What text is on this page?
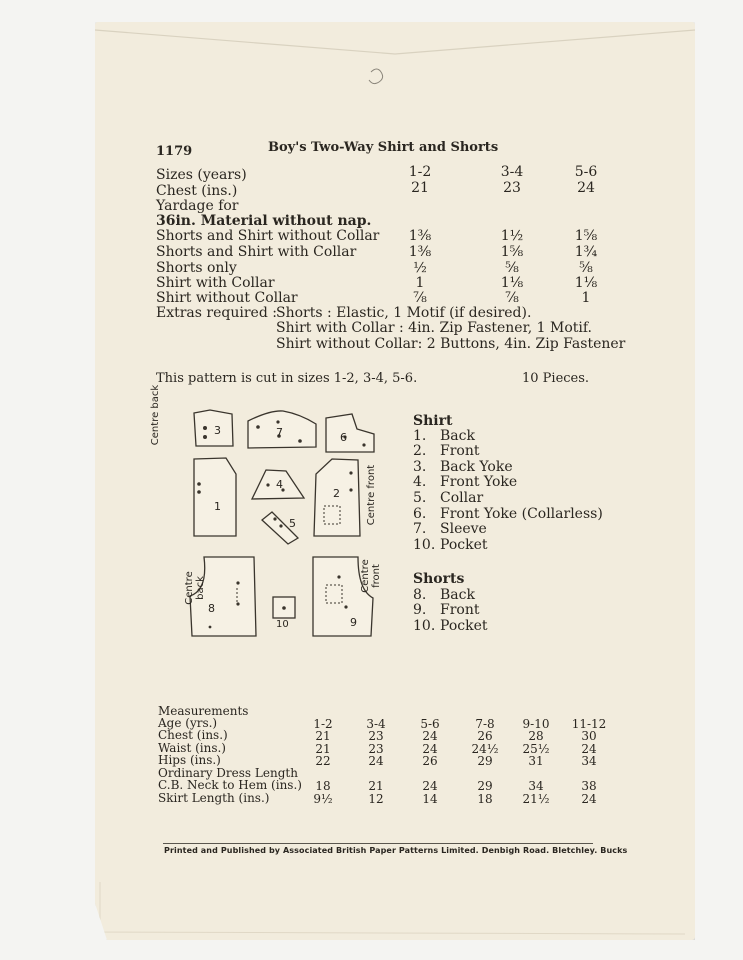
1179	Boy's Two-Way Shirt and Shorts
Sizes (years)	1-2	3-4	5-6
Chest (ins.)	21	23	24
Yardage for
36in. Material without nap.
Shorts and Shirt without Collar	1⅜	1½	1⅝
Shorts and Shirt with Collar	1⅜	1⅝	1¾
Shorts only	½	⅝	⅝
Shirt with Collar	1	1⅛	1⅛
Shirt without Collar	⅞	⅞	1
Extras required : Shorts : Elastic, 1 Motif (if desired).
Shirt with Collar : 4in. Zip Fastener, 1 Motif.
Shirt without Collar: 2 Buttons, 4in. Zip Fastener
This pattern is cut in sizes 1-2, 3-4, 5-6.	10 Pieces.
3	7	6
1
4
2
5
8
10	9
Centre back
Centre front
Centre back	Centre front
Shirt
1. Back
2. Front
3. Back Yoke
4. Front Yoke
5. Collar
6. Front Yoke (Collarless)
7. Sleeve
10. Pocket
Shorts
8. Back
9. Front
10. Pocket
Measurements
Age (yrs.)	1-2	3-4	5-6	7-8	9-10	11-12
Chest (ins.)	21	23	24	26	28	30
Waist (ins.)	21	23	24	24½	25½	24
Hips (ins.)	22	24	26	29	31	34
Ordinary Dress Length
C.B. Neck to Hem (ins.)	18	21	24	29	34	38
Skirt Length (ins.)	9½	12	14	18	21½	24
Printed and Published by Associated British Paper Patterns Limited. Denbigh Road. Bletchley. Bucks
